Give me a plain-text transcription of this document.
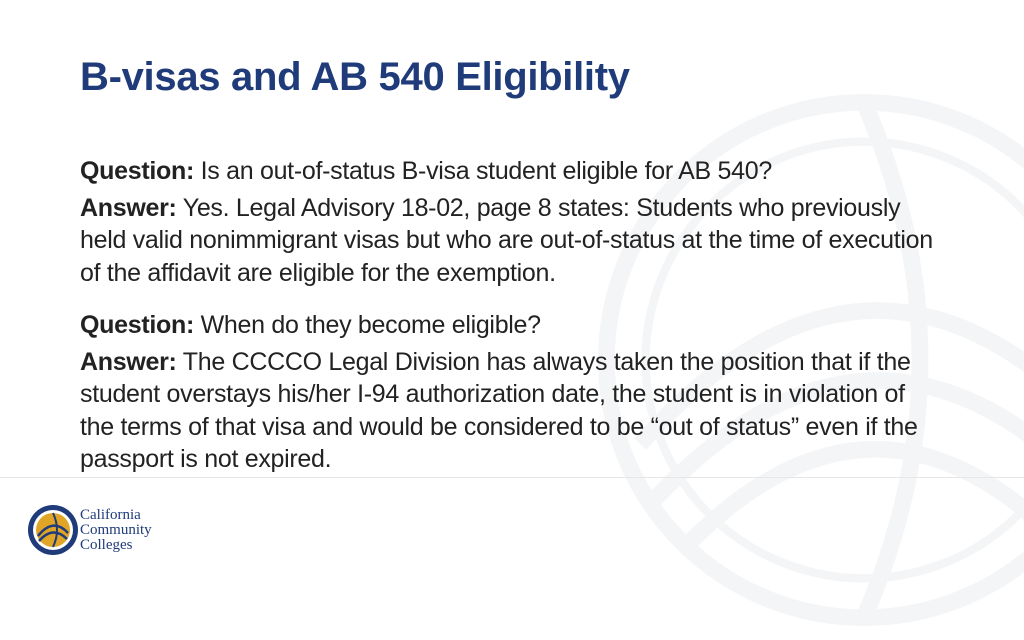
B-visas and AB 540 Eligibility

Question: Is an out-of-status B-visa student eligible for AB 540?

Answer: Yes. Legal Advisory 18-02, page 8 states: Students who previously held valid nonimmigrant visas but who are out-of-status at the time of execution of the affidavit are eligible for the exemption.

Question: When do they become eligible?

Answer: The CCCCO Legal Division has always taken the position that if the student overstays his/her I-94 authorization date, the student is in violation of the terms of that visa and would be considered to be “out of status” even if the passport is not expired.

California
Community
Colleges
